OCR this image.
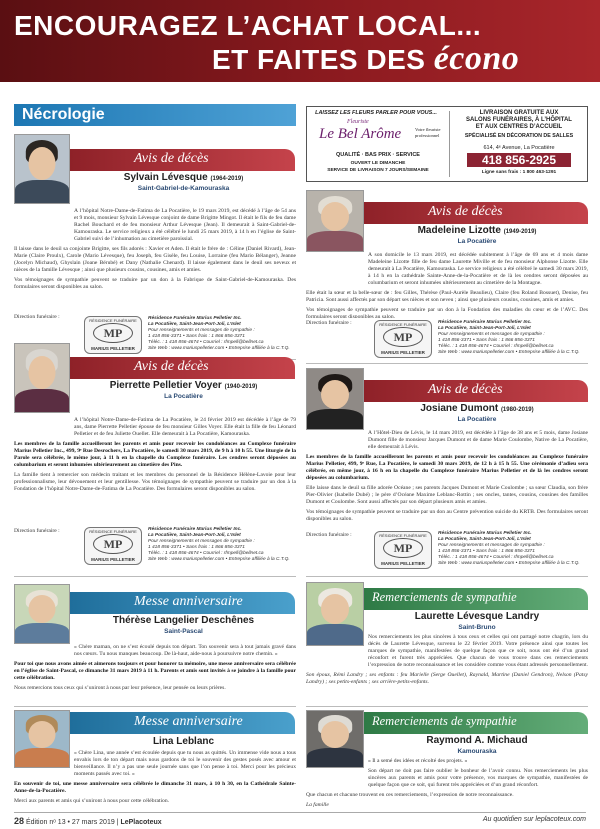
ENCOURAGEZ L’ACHAT LOCAL...
ET FAITES DES écono
Nécrologie	LAISSEZ LES FLEURS PARLER POUR VOUS...
Fleuriste
Le Bel Arôme	Votre fleuriste professionnel
QUALITÉ · BAS PRIX · SERVICE
OUVERT LE DIMANCHE
SERVICE DE LIVRAISON 7 JOURS/SEMAINE
LIVRAISON GRATUITE AUX
SALONS FUNÉRAIRES, À L’HÔPITAL
ET AUX CENTRES D’ACCUEIL
SPÉCIALISÉ EN DÉCORATION DE SALLES
614, 4ᵉ Avenue, La Pocatière
418 856-2925
Ligne sans frais : 1 800 463-1291
Avis de décès
Sylvain Lévesque (1964-2019)
Saint-Gabriel-de-Kamouraska

À l’hôpital Notre-Dame-de-Fatima de La Pocatière, le 19 mars 2019, est décédé à l’âge de 54 ans et 9 mois, monsieur Sylvain Lévesque conjoint de dame Brigitte Mingot. Il était le fils de feu dame Rachel Bouchard et de feu monsieur Arthur Lévesque (Jean). Il demeurait à Saint-Gabriel-de-Kamouraska. Le service religieux a été célébré le lundi 25 mars 2019, à 14 h en l’église de Saint-Gabriel suivi de l’inhumation au cimetière paroissial.

Il laisse dans le deuil sa conjointe Brigitte, ses fils adorés : Xavier et Aden. Il était le frère de : Céline (Daniel Rivard), Jean-Marie (Claire Proulx), Carole (Mario Lévesque), feu Joseph, feu Gisèle, feu Louise, Lorraine (feu Mario Bélanger), Jeanne (Jocelyn Michaud), Ghyslain (Joane Bérubé) et Dany (Nathalie Chenard). Il laisse également dans le deuil ses neveux et nièces de la famille Lévesque ; ainsi que plusieurs cousins, cousines, amis et amies.

Vos témoignages de sympathie peuvent se traduire par un don à la Fabrique de Saint-Gabriel-de-Kamouraska. Des formulaires seront disponibles au salon.

Direction funéraire :
RÉSIDENCE FUNÉRAIRE
MP
MARIUS PELLETIER
Résidence Funéraire Marius Pelletier Inc.
La Pocatière, Saint-Jean-Port-Joli, L’Islet
Pour renseignements et messages de sympathie :
1 418 856-3371 • Sans frais : 1 866 856-3371
Téléc. : 1 418 856-4674 • Courriel : rfmpell@bellnet.ca
Site Web : www.mariuspelletier.com • Entreprise affiliée à la C.T.Q.
Avis de décès
Pierrette Pelletier Voyer (1940-2019)
La Pocatière

À l’hôpital Notre-Dame-de-Fatima de La Pocatière, le 24 février 2019 est décédée à l’âge de 79 ans, dame Pierrette Pelletier épouse de feu monsieur Gilles Voyer. Elle était la fille de feu Léonard Pelletier et de feu Juliette Ouellet. Elle demeurait à La Pocatière, Kamouraska.

Les membres de la famille accueilleront les parents et amis pour recevoir les condoléances au Complexe funéraire Marius Pelletier Inc., 499, 9ᵉ Rue Desrochers, La Pocatière, le samedi 30 mars 2019, de 9 h à 10 h 55. Une liturgie de la Parole sera célébrée, le même jour, à 11 h en la chapelle du Complexe funéraire. Les cendres seront déposées au columbarium et seront inhumées ultérieurement au cimetière des Pins.

La famille tient à remercier son médecin traitant et les membres du personnel de la Résidence Hélène-Lavoie pour leur professionnalisme, leur dévouement et leur gentillesse. Vos témoignages de sympathie peuvent se traduire par un don à la Fondation de l’hôpital Notre-Dame-de-Fatima de La Pocatière. Des formulaires seront disponibles au salon.

Direction funéraire :	RÉSIDENCE FUNÉRAIRE
MP
MARIUS PELLETIER
Résidence Funéraire Marius Pelletier Inc.
La Pocatière, Saint-Jean-Port-Joli, L’Islet
Pour renseignements et messages de sympathie :
1 418 856-3371 • Sans frais : 1 866 856-3371
Téléc. : 1 418 856-4674 • Courriel : rfmpell@bellnet.ca
Site Web : www.mariuspelletier.com • Entreprise affiliée à la C.T.Q.
Messe anniversaire
Thérèse Langelier Deschênes
Saint-Pascal

« Chère maman, on ne s’est écoulé depuis ton départ. Ton souvenir sera à tout jamais gravé dans nos cœurs. Tu nous manques beaucoup. De là-haut, aide-nous à poursuivre notre chemin. »

Pour toi que nous avons aimée et aimerons toujours et pour honorer ta mémoire, une messe anniversaire sera célébrée en l’église de Saint-Pascal, ce dimanche 31 mars 2019 à 11 h. Parents et amis sont invités à se joindre à la famille pour cette célébration.

Nous remercions tous ceux qui s’uniront à nous par leur présence, leur pensée ou leurs prières.

Messe anniversaire
Lina Leblanc

« Chère Lina, une année s’est écoulée depuis que tu nous as quittés. Un immense vide nous a tous envahis lors de ton départ mais nous gardons de toi le souvenir des gestes posés avec amour et bienveillance. Il n’y a pas une seule journée sans que l’on pense à toi. Merci pour les précieux moments passés avec toi. »

En souvenir de toi, une messe anniversaire sera célébrée le dimanche 31 mars, à 10 h 30, en la Cathédrale Sainte-Anne-de-la-Pocatière.

Merci aux parents et amis qui s’uniront à nous pour cette célébration.

Avis de décès
Madeleine Lizotte (1949-2019)
La Pocatière

À son domicile le 13 mars 2019, est décédée subitement à l’âge de 69 ans et 4 mois dame Madeleine Lizotte fille de feu dame Laurette Miville et de feu monsieur Alphonse Lizotte. Elle demeurait à La Pocatière, Kamouraska. Le service religieux a été célébré le samedi 30 mars 2019, à 14 h en la cathédrale Sainte-Anne-de-la-Pocatière et de là les cendres seront déposées au columbarium et seront inhumées ultérieurement au cimetière de la Montagne.

Elle était la sœur et la belle-sœur de : feu Gilles, Thérèse (Paul-Aurèle Beaulieu), Claire (feu Roland Bossuet), Denise, feu Patricia. Sont aussi affectés par son départ ses nièces et son neveu ; ainsi que plusieurs cousins, cousines, amis et amies.

Vos témoignages de sympathie peuvent se traduire par un don à la Fondation des maladies du cœur et de l’AVC. Des formulaires seront disponibles au salon.

Direction funéraire :	RÉSIDENCE FUNÉRAIRE
MP
MARIUS PELLETIER
Résidence Funéraire Marius Pelletier Inc.
La Pocatière, Saint-Jean-Port-Joli, L’Islet
Pour renseignements et messages de sympathie :
1 418 856-3371 • Sans frais : 1 866 856-3371
Téléc. : 1 418 856-4674 • Courriel : rfmpell@bellnet.ca
Site Web : www.mariuspelletier.com • Entreprise affiliée à la C.T.Q.
Avis de décès
Josiane Dumont (1980-2019)
La Pocatière

À l’Hôtel-Dieu de Lévis, le 14 mars 2019, est décédée à l’âge de 38 ans et 5 mois, dame Josiane Dumont fille de monsieur Jacques Dumont et de dame Marie Coulombe, Native de La Pocatière, elle demeurait à Lévis.

Les membres de la famille accueilleront les parents et amis pour recevoir les condoléances au Complexe funéraire Marius Pelletier, 499, 9ᵉ Rue, La Pocatière, le samedi 30 mars 2019, de 12 h à 15 h 55. Une cérémonie d’adieu sera célébrée, en même jour, à 16 h en la chapelle du Complexe funéraire Marius Pelletier et de là les cendres seront déposées au columbarium.

Elle laisse dans le deuil sa fille adorée Océane ; ses parents Jacques Dumont et Marie Coulombe ; sa sœur Claudia, son frère Pier-Olivier (Isabelle Dubé) ; le père d’Océane Maxime Leblanc-Rottin ; ses oncles, tantes, cousins, cousines des familles Dumont et Coulombe. Sont aussi affectés par son départ plusieurs amis et amies.

Vos témoignages de sympathie peuvent se traduire par un don au Centre prévention suicide du KRTB. Des formulaires seront disponibles au salon.

Direction funéraire :	RÉSIDENCE FUNÉRAIRE
MP
MARIUS PELLETIER
Résidence Funéraire Marius Pelletier Inc.
La Pocatière, Saint-Jean-Port-Joli, L’Islet
Pour renseignements et messages de sympathie :
1 418 856-3371 • Sans frais : 1 866 856-3371
Téléc. : 1 418 856-4674 • Courriel : rfmpell@bellnet.ca
Site Web : www.mariuspelletier.com • Entreprise affiliée à la C.T.Q.
Remerciements de sympathie
Laurette Lévesque Landry
Saint-Bruno

Nos remerciements les plus sincères à tous ceux et celles qui ont partagé notre chagrin, lors du décès de Laurette Lévesque, survenu le 22 février 2019. Votre présence ainsi que toutes les marques de sympathie, manifestées de quelque façon que ce soit, nous ont été d’un grand réconfort et furent très appréciées. Que chacun de vous trouve dans ces remerciements l’expression de notre reconnaissance et les considère comme vous étant adressés personnellement.

Son époux, Rémi Landry ; ses enfants : feu Marielle (Serge Ouellet), Raynald, Martine (Daniel Gendron), Nelson (Patsy Landry) ; ses petits-enfants ; ses arrière-petits-enfants.

Remerciements de sympathie
Raymond A. Michaud
Kamouraska

« Il a semé des idées et récolté des projets. »

Son départ ne doit pas faire oublier le bonheur de l’avoir connu. Nos remerciements les plus sincères aux parents et amis pour votre présence, vos marques de sympathie, manifestées de quelque façon que ce soit, qui furent très appréciées et d’un grand réconfort.

Que chacun et chacune trouvent en ces remerciements, l’expression de notre reconnaissance.

La famille

28 Édition nᵒ 13 • 27 mars 2019 | LePlacoteux	Au quotidien sur leplacoteux.com
